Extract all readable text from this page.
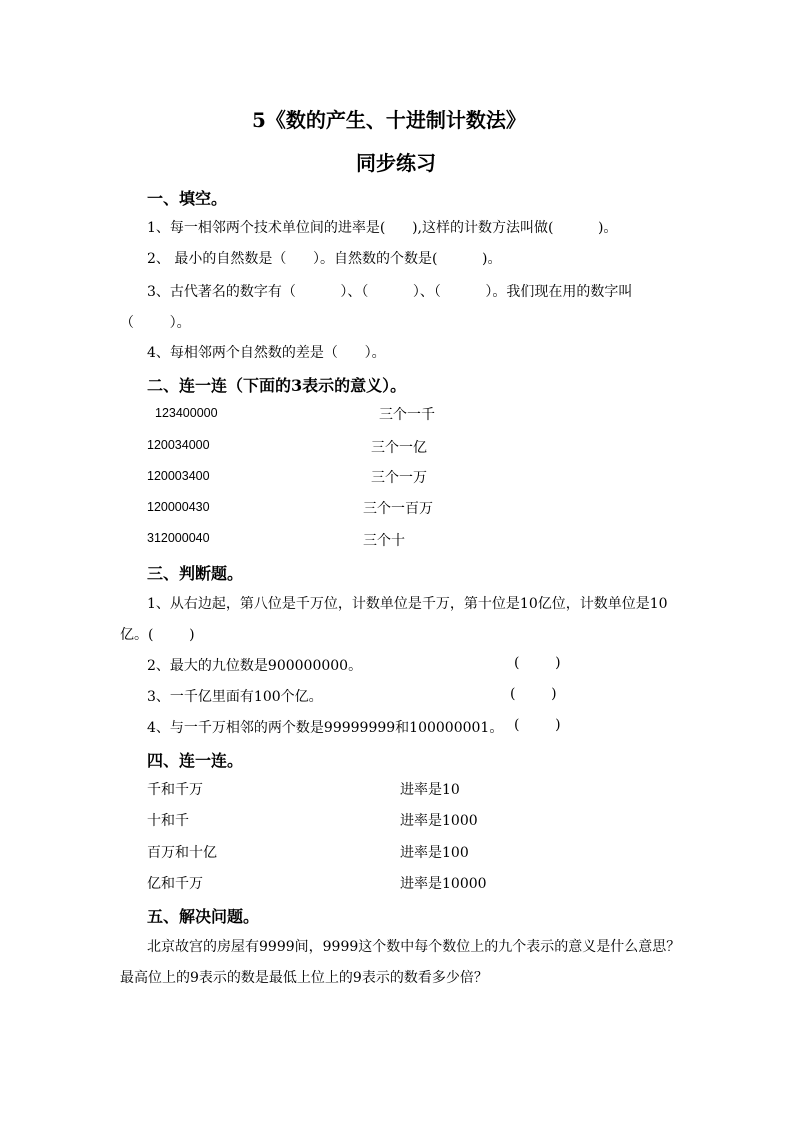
5《数的产生、十进制计数法》
同步练习
一、填空。
1、每一相邻两个技术单位间的进率是(      ),这样的计数方法叫做(          )。
2、 最小的自然数是（      ）。自然数的个数是(          )。
3、古代著名的数字有（          ）、（          ）、（          ）。我们现在用的数字叫
（        ）。
4、每相邻两个自然数的差是（      ）。
二、连一连（下面的3表示的意义）。
123400000
120034000
120003400
120000430
312000040
三个一千
三个一亿
三个一万
三个一百万
三个十
三、判断题。
1、从右边起，第八位是千万位，计数单位是千万，第十位是10亿位，计数单位是10
亿。(        )
2、最大的九位数是900000000。	(        )
3、一千亿里面有100个亿。	(        )
4、与一千万相邻的两个数是99999999和100000001。 (        )
四、连一连。
千和千万
十和千
百万和十亿
亿和千万
进率是10
进率是1000
进率是100
进率是10000
五、解决问题。
北京故宫的房屋有9999间，9999这个数中每个数位上的九个表示的意义是什么意思？
最高位上的9表示的数是最低上位上的9表示的数看多少倍？
